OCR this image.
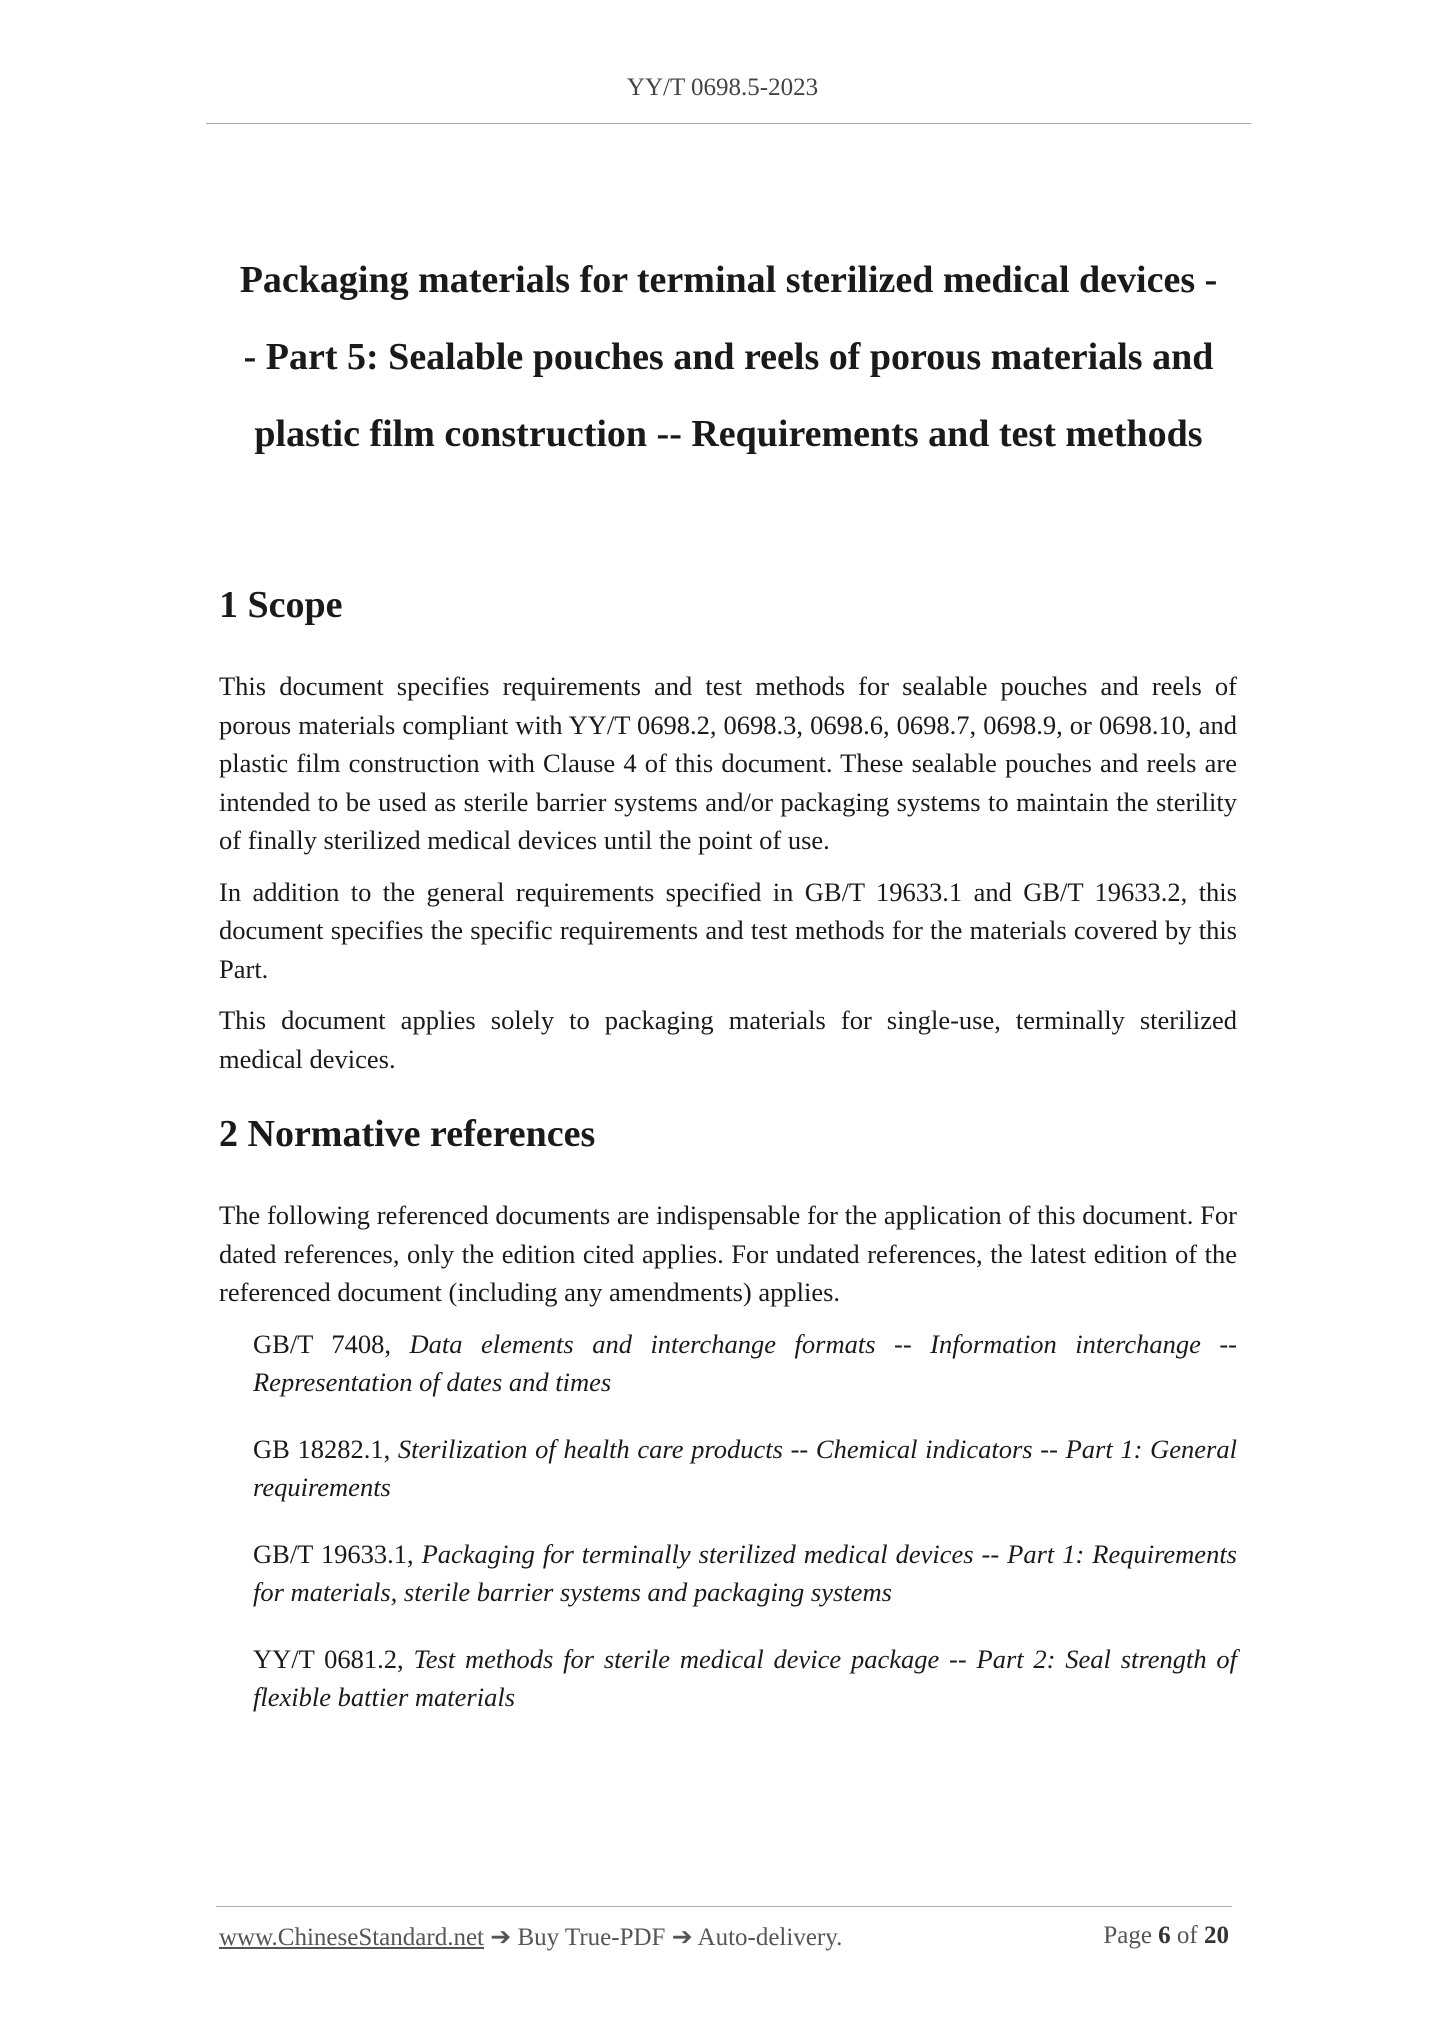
YY/T 0698.5-2023
Packaging materials for terminal sterilized medical devices -
- Part 5: Sealable pouches and reels of porous materials and
plastic film construction -- Requirements and test methods
1 Scope

This document specifies requirements and test methods for sealable pouches and reels of porous materials compliant with YY/T 0698.2, 0698.3, 0698.6, 0698.7, 0698.9, or 0698.10, and plastic film construction with Clause 4 of this document. These sealable pouches and reels are intended to be used as sterile barrier systems and/or packaging systems to maintain the sterility of finally sterilized medical devices until the point of use.

In addition to the general requirements specified in GB/T 19633.1 and GB/T 19633.2, this document specifies the specific requirements and test methods for the materials covered by this Part.

This document applies solely to packaging materials for single-use, terminally sterilized medical devices.

2 Normative references

The following referenced documents are indispensable for the application of this document. For dated references, only the edition cited applies. For undated references, the latest edition of the referenced document (including any amendments) applies.

GB/T 7408, Data elements and interchange formats -- Information interchange -- Representation of dates and times

GB 18282.1, Sterilization of health care products -- Chemical indicators -- Part 1: General requirements

GB/T 19633.1, Packaging for terminally sterilized medical devices -- Part 1: Requirements for materials, sterile barrier systems and packaging systems

YY/T 0681.2, Test methods for sterile medical device package -- Part 2: Seal strength of flexible battier materials

www.ChineseStandard.net ➔ Buy True-PDF ➔ Auto-delivery.	Page 6 of 20
